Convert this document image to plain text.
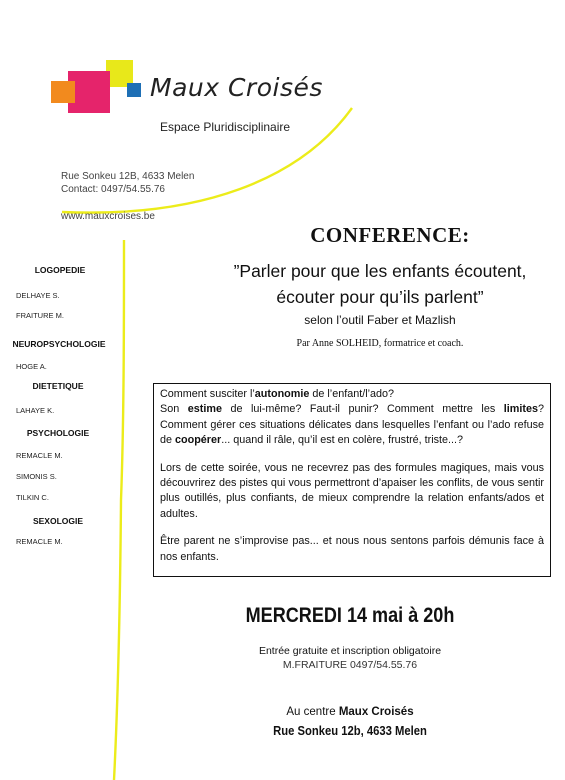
Maux Croisés
Espace Pluridisciplinaire
Rue Sonkeu 12B, 4633 Melen
Contact: 0497/54.55.76
www.mauxcroises.be
LOGOPEDIE
DELHAYE S.
FRAITURE M.
NEUROPSYCHOLOGIE
HOGE A.
DIETETIQUE
LAHAYE K.
PSYCHOLOGIE
REMACLE M.
SIMONIS S.
TILKIN C.
SEXOLOGIE
REMACLE M.
CONFERENCE:
”Parler pour que les enfants écoutent,
écouter pour qu’ils parlent”
selon l’outil Faber et Mazlish
Par Anne SOLHEID, formatrice et coach.

Comment susciter l’autonomie de l’enfant/l’ado?
Son estime de lui-même? Faut-il punir? Comment mettre les limites? Comment gérer ces situations délicates dans lesquelles l’enfant ou l’ado refuse de coopérer... quand il râle, qu’il est en colère, frustré, triste...?

Lors de cette soirée, vous ne recevrez pas des formules magiques, mais vous découvrirez des pistes qui vous permettront d’apaiser les conflits, de vous sentir plus outillés, plus confiants, de mieux comprendre la relation enfants/ados et adultes.

Être parent ne s’improvise pas... et nous nous sentons parfois démunis face à nos enfants.

MERCREDI 14 mai à 20h
Entrée gratuite et inscription obligatoire
M.FRAITURE 0497/54.55.76
Au centre Maux Croisés
Rue Sonkeu 12b, 4633 Melen
